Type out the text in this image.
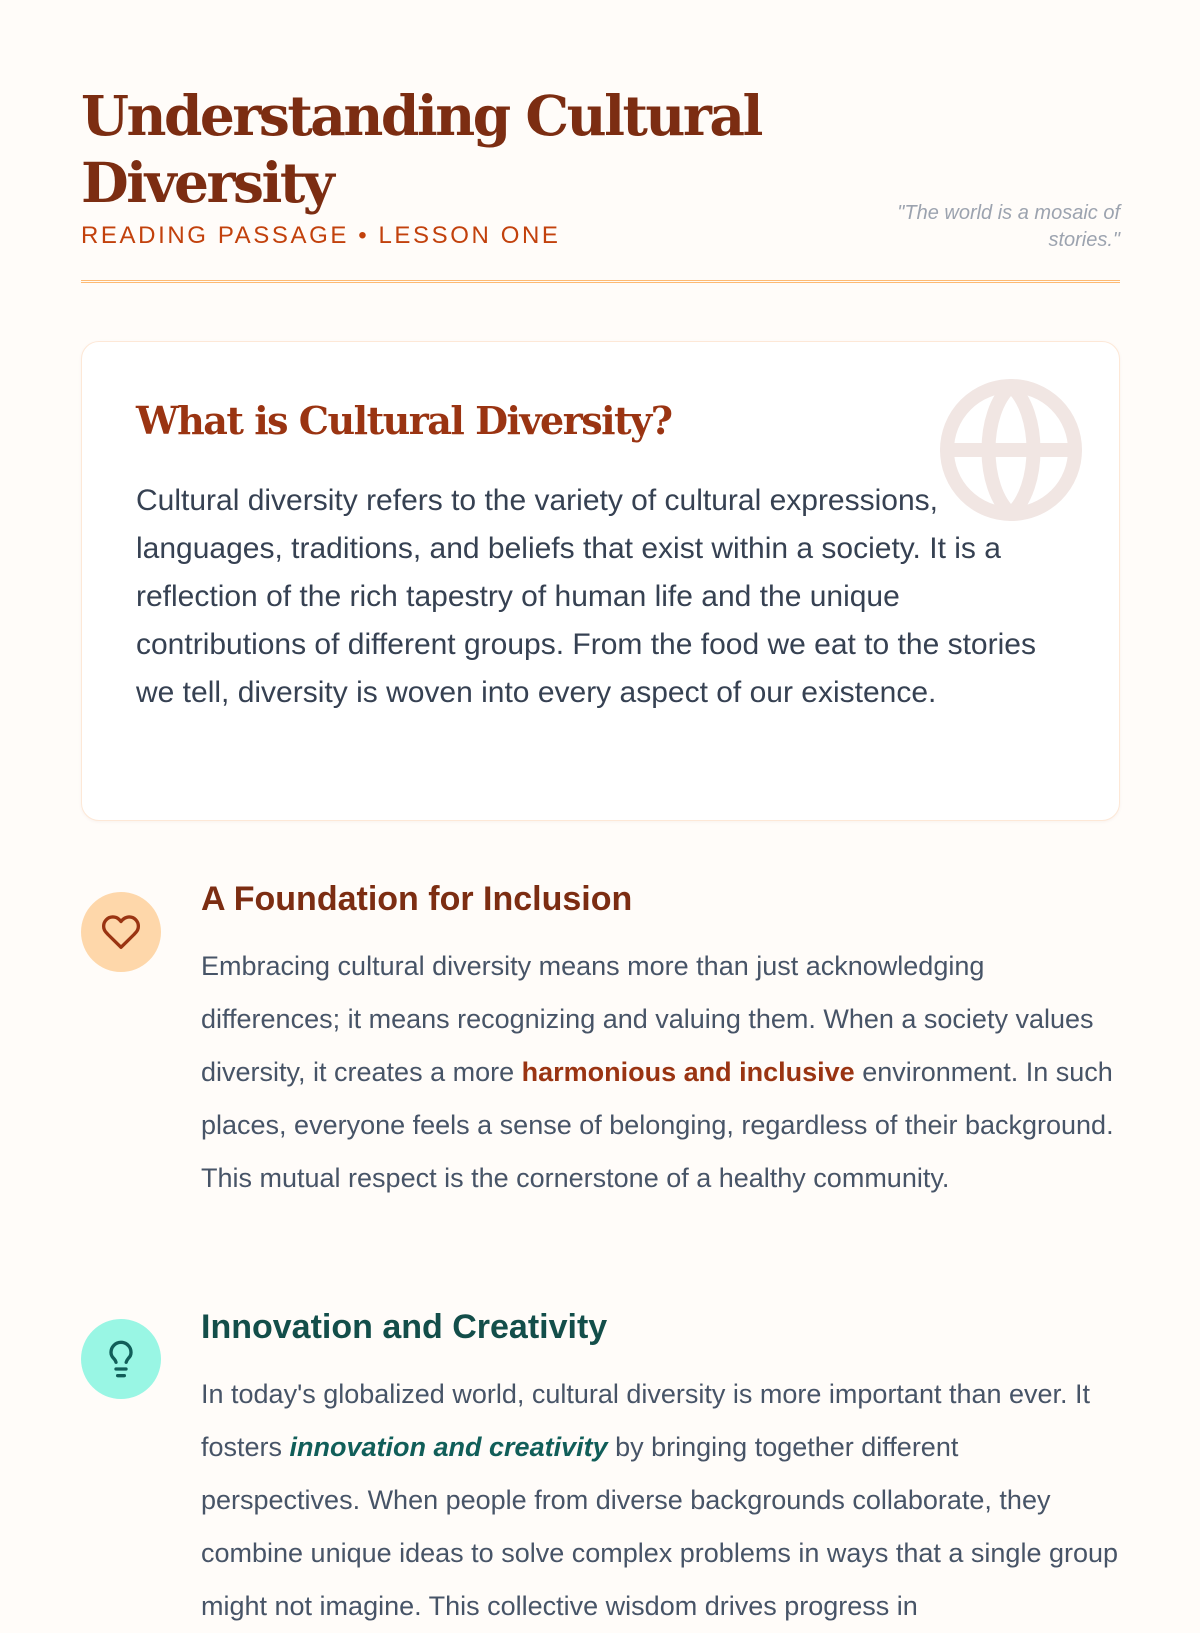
Understanding Cultural Diversity
READING PASSAGE • LESSON ONE
"The world is a mosaic of stories."
What is Cultural Diversity?

Cultural diversity refers to the variety of cultural expressions, languages, traditions, and beliefs that exist within a society. It is a reflection of the rich tapestry of human life and the unique contributions of different groups. From the food we eat to the stories we tell, diversity is woven into every aspect of our existence.

A Foundation for Inclusion

Embracing cultural diversity means more than just acknowledging differences; it means recognizing and valuing them. When a society values diversity, it creates a more harmonious and inclusive environment. In such places, everyone feels a sense of belonging, regardless of their background. This mutual respect is the cornerstone of a healthy community.

Innovation and Creativity

In today's globalized world, cultural diversity is more important than ever. It fosters innovation and creativity by bringing together different perspectives. When people from diverse backgrounds collaborate, they combine unique ideas to solve complex problems in ways that a single group might not imagine. This collective wisdom drives progress in
